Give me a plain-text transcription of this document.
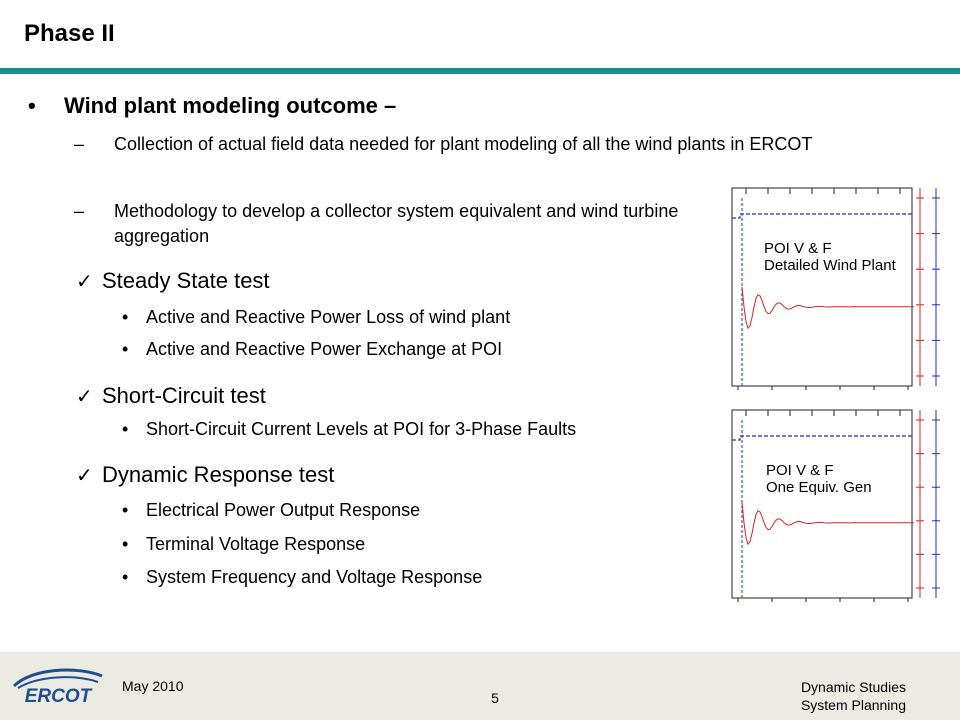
Phase II
• Wind plant modeling outcome –
– Collection of actual field data needed for plant modeling of all the wind plants in ERCOT
– Methodology to develop a collector system equivalent and wind turbine aggregation
✓ Steady State test
• Active and Reactive Power Loss of wind plant
• Active and Reactive Power Exchange at POI
✓ Short-Circuit test
• Short-Circuit Current Levels at POI for 3-Phase Faults
✓ Dynamic Response test
• Electrical Power Output Response
• Terminal Voltage Response
• System Frequency and Voltage Response
POI V & F
Detailed Wind Plant
POI V & F
One Equiv. Gen
ERCOT May 2010
5
Dynamic Studies
System Planning
